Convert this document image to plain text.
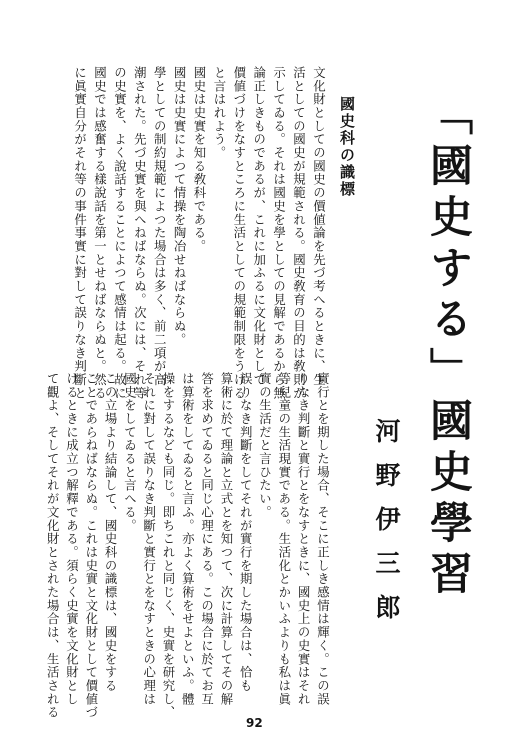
「國史する」國史學習
河野伊三郎
國史科の識標
文化財としての國史の價値論を先づ考へるときに、生
活としての國史が規範される。國史敎育の目的は敎則が
示してゐる。それは國史を學としての見解であるから無
論正しきものであるが、これに加ふるに文化財として
價値づけをなすところに生活としての規範制限をうける
と言はれよう。
國史は史實を知る敎科である。
國史は史實によつて情操を陶冶せねばならぬ。
學としての制約規範によつた場合は多く、前二項が高
潮された。先づ史實を與へねばならぬ。次には、それ等
の史實を、よく說話することによつて感情は起る。故に
國史では感奮する樣說話を第一とせねばならぬと。然る
に眞實自分がそれ等の事件事實に對して誤りなき判斷と
實行とを期した場合、そこに正しき感情は輝く。この誤
りなき判斷と實行とをなすときに、國史上の史實はそれ
等兒童の生活現實である。生活化とかいふよりも私は眞
實の生活だと言ひたい。
誤りなき判斷をしてそれが實行を期した場合は、恰も
算術に於て理論と立式とを知つて、次に計算してその解
答を求めてゐると同じ心理にある。この場合に於てお互
は算術をしてゐると言ふ。亦よく算術をせよといふ。體
操をするなども同じ。即ちこれと同じく、史實を研究し、
それに對して誤りなき判斷と實行とをなすときの心理は
國史をしてゐると言へる。
この立場より結論して、國史科の識標は、國史をする
ことであらねばならぬ。これは史實と文化財として價値づ
けるときに成立つ解釋である。須らく史實を文化財とし
て觀よ、そしてそれが文化財とされた場合は、生活される
92
